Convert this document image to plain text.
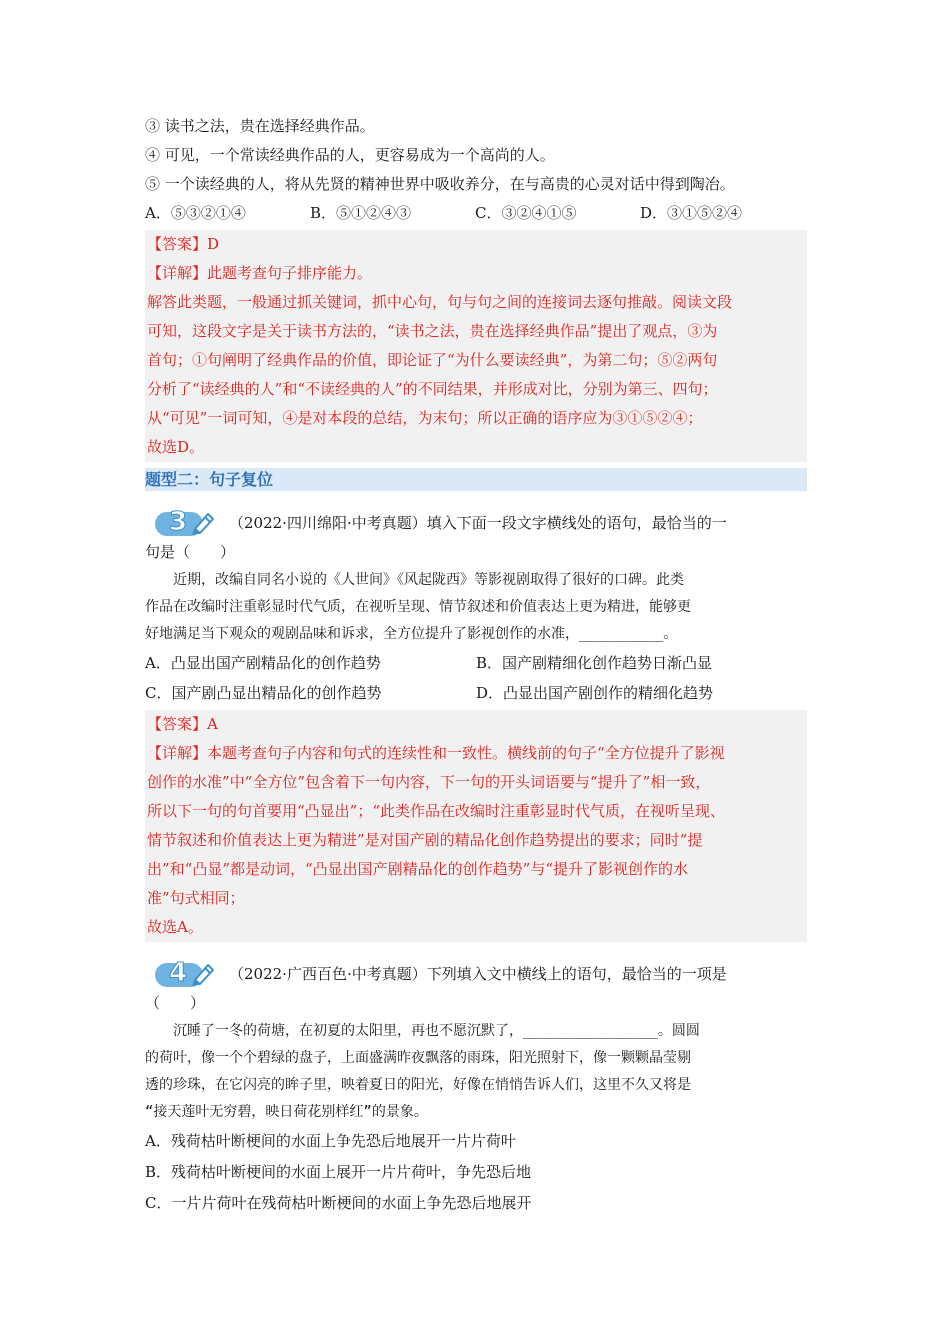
③ 读书之法，贵在选择经典作品。
④ 可见，一个常读经典作品的人，更容易成为一个高尚的人。
⑤ 一个读经典的人，将从先贤的精神世界中吸收养分，在与高贵的心灵对话中得到陶冶。
A．⑤③②①④	B．⑤①②④③	C．③②④①⑤	D．③①⑤②④

【答案】D

【详解】此题考查句子排序能力。

解答此类题，一般通过抓关键词，抓中心句，句与句之间的连接词去逐句推敲。阅读文段

可知，这段文字是关于读书方法的，“读书之法，贵在选择经典作品”提出了观点，③为

首句；①句阐明了经典作品的价值，即论证了“为什么要读经典”，为第二句；⑤②两句

分析了“读经典的人”和“不读经典的人”的不同结果，并形成对比，分别为第三、四句；

从“可见”一词可知，④是对本段的总结，为末句；所以正确的语序应为③①⑤②④；

故选D。

题型二：句子复位
3	（2022·四川绵阳·中考真题）填入下面一段文字横线处的语句，最恰当的一
句是（　　）

近期，改编自同名小说的《人世间》《风起陇西》等影视剧取得了很好的口碑。此类

作品在改编时注重彰显时代气质，在视听呈现、情节叙述和价值表达上更为精进，能够更

好地满足当下观众的观剧品味和诉求，全方位提升了影视创作的水准，__________。

A．凸显出国产剧精品化的创作趋势	B．国产剧精细化创作趋势日渐凸显
C．国产剧凸显出精品化的创作趋势	D．凸显出国产剧创作的精细化趋势

【答案】A

【详解】本题考查句子内容和句式的连续性和一致性。横线前的句子“全方位提升了影视

创作的水准”中“全方位”包含着下一句内容，下一句的开头词语要与“提升了”相一致，

所以下一句的句首要用“凸显出”；“此类作品在改编时注重彰显时代气质，在视听呈现、

情节叙述和价值表达上更为精进”是对国产剧的精品化创作趋势提出的要求；同时“提

出”和“凸显”都是动词，“凸显出国产剧精品化的创作趋势”与“提升了影视创作的水

准”句式相同；

故选A。

4	（2022·广西百色·中考真题）下列填入文中横线上的语句，最恰当的一项是
（　　）

沉睡了一冬的荷塘，在初夏的太阳里，再也不愿沉默了，________________。圆圆

的荷叶，像一个个碧绿的盘子，上面盛满昨夜飘落的雨珠，阳光照射下，像一颗颗晶莹剔

透的珍珠，在它闪亮的眸子里，映着夏日的阳光，好像在悄悄告诉人们，这里不久又将是

“接天莲叶无穷碧，映日荷花别样红”的景象。

A．残荷枯叶断梗间的水面上争先恐后地展开一片片荷叶
B．残荷枯叶断梗间的水面上展开一片片荷叶，争先恐后地
C．一片片荷叶在残荷枯叶断梗间的水面上争先恐后地展开
